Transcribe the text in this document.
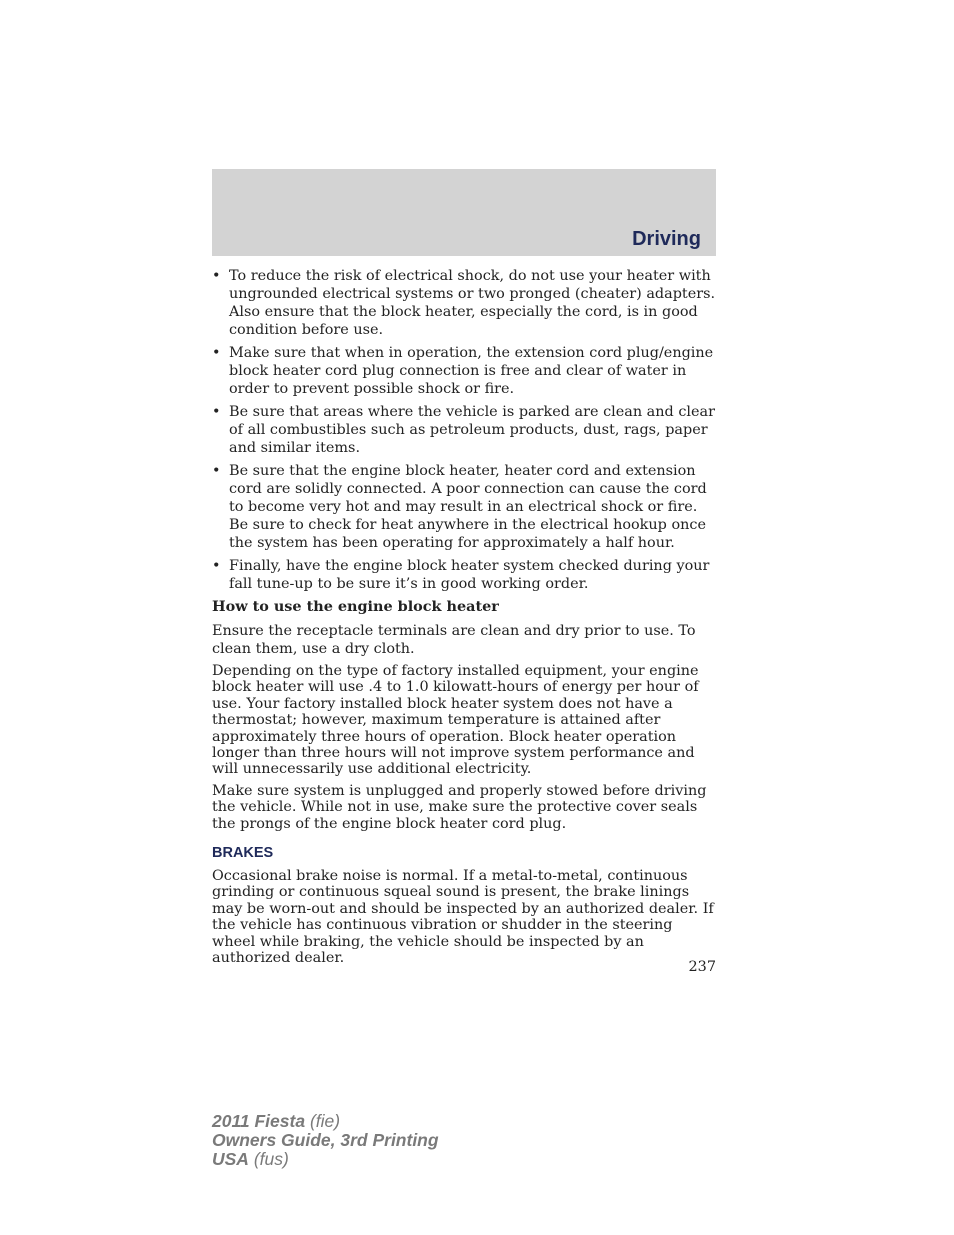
Driving
• To reduce the risk of electrical shock, do not use your heater with ungrounded electrical systems or two pronged (cheater) adapters. Also ensure that the block heater, especially the cord, is in good condition before use.
• Make sure that when in operation, the extension cord plug/engine block heater cord plug connection is free and clear of water in order to prevent possible shock or fire.
• Be sure that areas where the vehicle is parked are clean and clear of all combustibles such as petroleum products, dust, rags, paper and similar items.
• Be sure that the engine block heater, heater cord and extension cord are solidly connected. A poor connection can cause the cord to become very hot and may result in an electrical shock or fire. Be sure to check for heat anywhere in the electrical hookup once the system has been operating for approximately a half hour.
• Finally, have the engine block heater system checked during your fall tune-up to be sure it’s in good working order.
How to use the engine block heater

Ensure the receptacle terminals are clean and dry prior to use. To clean them, use a dry cloth.

Depending on the type of factory installed equipment, your engine block heater will use .4 to 1.0 kilowatt-hours of energy per hour of use. Your factory installed block heater system does not have a thermostat; however, maximum temperature is attained after approximately three hours of operation. Block heater operation longer than three hours will not improve system performance and will unnecessarily use additional electricity.

Make sure system is unplugged and properly stowed before driving the vehicle. While not in use, make sure the protective cover seals the prongs of the engine block heater cord plug.

BRAKES

Occasional brake noise is normal. If a metal-to-metal, continuous grinding or continuous squeal sound is present, the brake linings may be worn-out and should be inspected by an authorized dealer. If the vehicle has continuous vibration or shudder in the steering wheel while braking, the vehicle should be inspected by an authorized dealer.

237
2011 Fiesta (fie)
Owners Guide, 3rd Printing
USA (fus)
